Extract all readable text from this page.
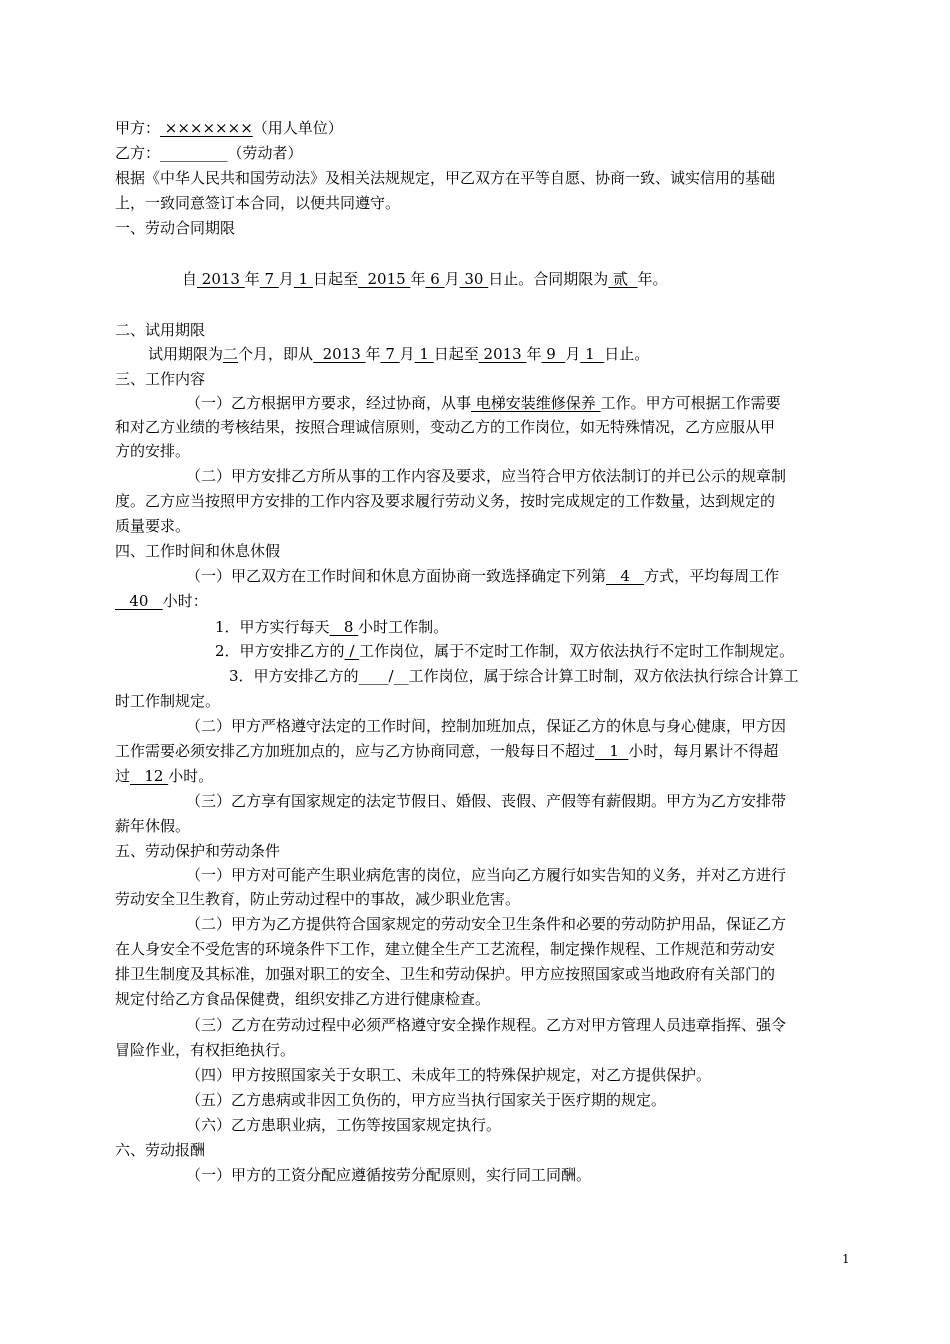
甲方： ×××××××（用人单位）
乙方：_________（劳动者）
根据《中华人民共和国劳动法》及相关法规规定，甲乙双方在平等自愿、协商一致、诚实信用的基础
上，一致同意签订本合同，以便共同遵守。
一、劳动合同期限
自 2013 年 7 月 1 日起至  2015 年 6 月 30 日止。合同期限为 贰  年。
二、试用期限
试用期限为二个月，即从  2013 年 7 月 1 日起至 2013 年 9  月 1  日止。
三、工作内容
（一）乙方根据甲方要求，经过协商，从事 电梯安装维修保养 工作。甲方可根据工作需要
和对乙方业绩的考核结果，按照合理诚信原则，变动乙方的工作岗位，如无特殊情况，乙方应服从甲
方的安排。
（二）甲方安排乙方所从事的工作内容及要求，应当符合甲方依法制订的并已公示的规章制
度。乙方应当按照甲方安排的工作内容及要求履行劳动义务，按时完成规定的工作数量，达到规定的
质量要求。
四、工作时间和休息休假
（一）甲乙双方在工作时间和休息方面协商一致选择确定下列第   4   方式，平均每周工作
40   小时：
1．甲方实行每天   8 小时工作制。
2．甲方安排乙方的 / 工作岗位，属于不定时工作制，双方依法执行不定时工作制规定。
3．甲方安排乙方的____/__工作岗位，属于综合计算工时制，双方依法执行综合计算工
时工作制规定。
（二）甲方严格遵守法定的工作时间，控制加班加点，保证乙方的休息与身心健康，甲方因
工作需要必须安排乙方加班加点的，应与乙方协商同意，一般每日不超过   1  小时，每月累计不得超
过   12 小时。
（三）乙方享有国家规定的法定节假日、婚假、丧假、产假等有薪假期。甲方为乙方安排带
薪年休假。
五、劳动保护和劳动条件
（一）甲方对可能产生职业病危害的岗位，应当向乙方履行如实告知的义务，并对乙方进行
劳动安全卫生教育，防止劳动过程中的事故，减少职业危害。
（二）甲方为乙方提供符合国家规定的劳动安全卫生条件和必要的劳动防护用品，保证乙方
在人身安全不受危害的环境条件下工作，建立健全生产工艺流程，制定操作规程、工作规范和劳动安
排卫生制度及其标准，加强对职工的安全、卫生和劳动保护。甲方应按照国家或当地政府有关部门的
规定付给乙方食品保健费，组织安排乙方进行健康检查。
（三）乙方在劳动过程中必须严格遵守安全操作规程。乙方对甲方管理人员违章指挥、强令
冒险作业，有权拒绝执行。
（四）甲方按照国家关于女职工、未成年工的特殊保护规定，对乙方提供保护。
（五）乙方患病或非因工负伤的，甲方应当执行国家关于医疗期的规定。
（六）乙方患职业病，工伤等按国家规定执行。
六、劳动报酬
（一）甲方的工资分配应遵循按劳分配原则，实行同工同酬。
1
